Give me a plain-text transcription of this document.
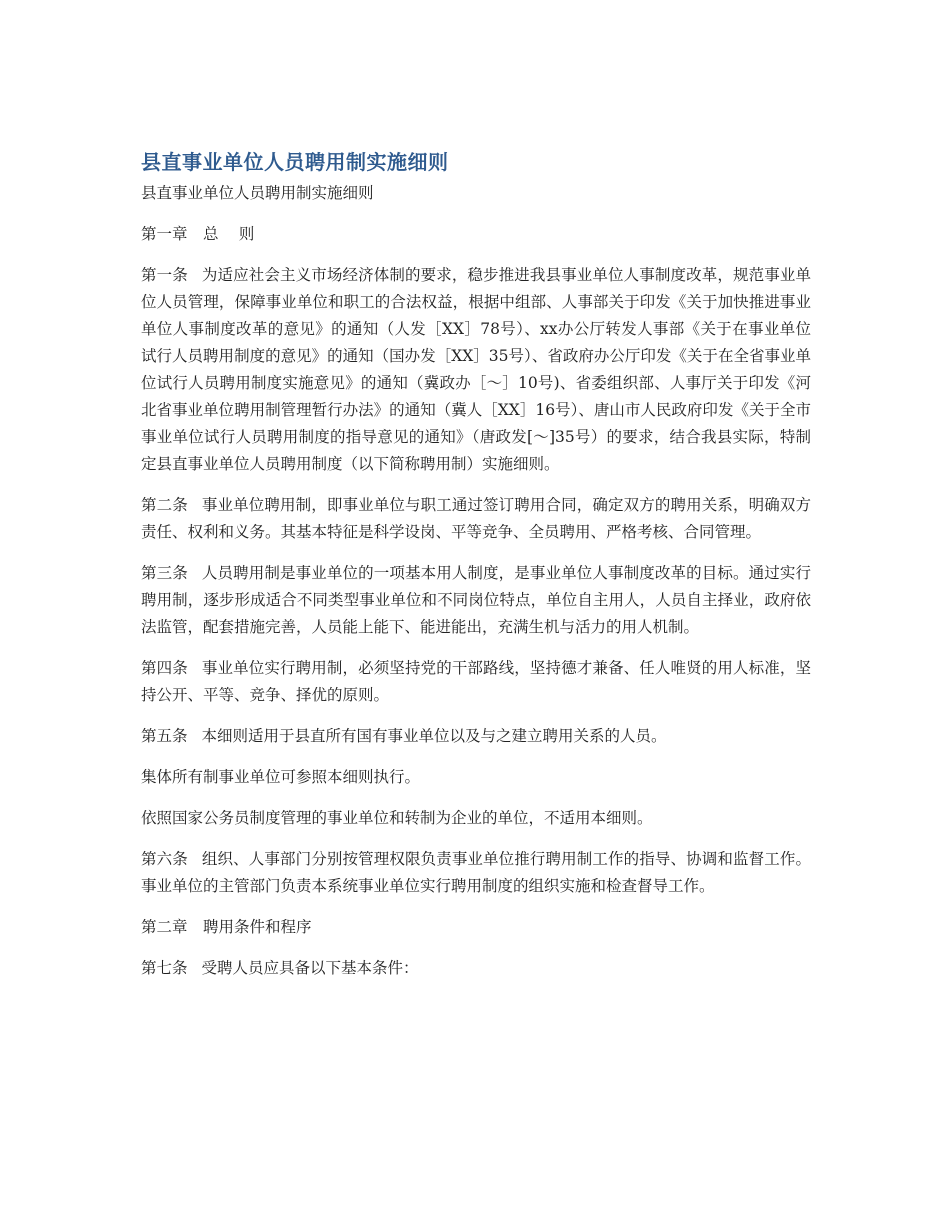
县直事业单位人员聘用制实施细则

县直事业单位人员聘用制实施细则

第一章　总　 则

第一条 为适应社会主义市场经济体制的要求，稳步推进我县事业单位人事制度改革，规范事业单位人员管理，保障事业单位和职工的合法权益，根据中组部、人事部关于印发《关于加快推进事业单位人事制度改革的意见》的通知（人发［XX］78号）、xx办公厅转发人事部《关于在事业单位试行人员聘用制度的意见》的通知（国办发［XX］35号）、省政府办公厅印发《关于在全省事业单位试行人员聘用制度实施意见》的通知（冀政办［～］10号)、省委组织部、人事厅关于印发《河北省事业单位聘用制管理暂行办法》的通知（冀人［XX］16号）、唐山市人民政府印发《关于全市事业单位试行人员聘用制度的指导意见的通知》（唐政发[～]35号）的要求，结合我县实际，特制定县直事业单位人员聘用制度（以下简称聘用制）实施细则。

第二条 事业单位聘用制，即事业单位与职工通过签订聘用合同，确定双方的聘用关系，明确双方责任、权利和义务。其基本特征是科学设岗、平等竞争、全员聘用、严格考核、合同管理。

第三条 人员聘用制是事业单位的一项基本用人制度，是事业单位人事制度改革的目标。通过实行聘用制，逐步形成适合不同类型事业单位和不同岗位特点，单位自主用人，人员自主择业，政府依法监管，配套措施完善，人员能上能下、能进能出，充满生机与活力的用人机制。

第四条 事业单位实行聘用制，必须坚持党的干部路线，坚持德才兼备、任人唯贤的用人标准，坚持公开、平等、竞争、择优的原则。

第五条 本细则适用于县直所有国有事业单位以及与之建立聘用关系的人员。

集体所有制事业单位可参照本细则执行。

依照国家公务员制度管理的事业单位和转制为企业的单位，不适用本细则。

第六条 组织、人事部门分别按管理权限负责事业单位推行聘用制工作的指导、协调和监督工作。事业单位的主管部门负责本系统事业单位实行聘用制度的组织实施和检查督导工作。

第二章　聘用条件和程序

第七条 受聘人员应具备以下基本条件：
